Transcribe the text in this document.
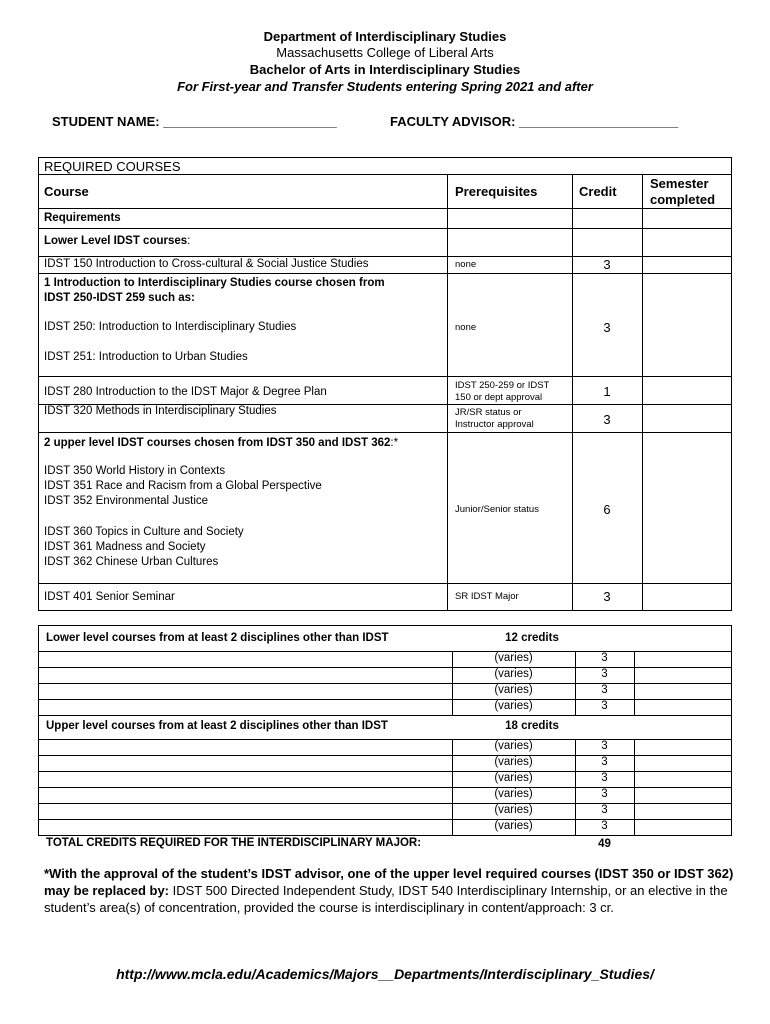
Department of Interdisciplinary Studies
Massachusetts College of Liberal Arts
Bachelor of Arts in Interdisciplinary Studies
For First-year and Transfer Students entering Spring 2021 and after
STUDENT NAME: ________________________	FACULTY ADVISOR: ______________________
REQUIRED COURSES
Course	Prerequisites	Credit
Semester
completed
Requirements
Lower Level IDST courses:
IDST 150 Introduction to Cross-cultural & Social Justice Studies	none	3
1 Introduction to Interdisciplinary Studies course chosen from
IDST 250-IDST 259 such as:
IDST 250: Introduction to Interdisciplinary Studies	none	3
IDST 251: Introduction to Urban Studies
IDST 280 Introduction to the IDST Major & Degree Plan
IDST 250-259 or IDST
150 or dept approval	1
IDST 320 Methods in Interdisciplinary Studies	JR/SR status or
Instructor approval	3
2 upper level IDST courses chosen from IDST 350 and IDST 362:*
IDST 350 World History in Contexts
IDST 351 Race and Racism from a Global Perspective
IDST 352 Environmental Justice
IDST 360 Topics in Culture and Society
IDST 361 Madness and Society
IDST 362 Chinese Urban Cultures
Junior/Senior status	6
IDST 401 Senior Seminar	SR IDST Major	3
Lower level courses from at least 2 disciplines other than IDST	12 credits
(varies)	3
(varies)	3
(varies)	3
(varies)	3
Upper level courses from at least 2 disciplines other than IDST	18 credits
(varies)	3
(varies)	3
(varies)	3
(varies)	3
(varies)	3
(varies)	3
TOTAL CREDITS REQUIRED FOR THE INTERDISCIPLINARY MAJOR:	49
*With the approval of the student’s IDST advisor, one of the upper level required courses (IDST 350 or IDST 362) may be replaced by: IDST 500 Directed Independent Study, IDST 540 Interdisciplinary Internship, or an elective in the student’s area(s) of concentration, provided the course is interdisciplinary in content/approach: 3 cr.
http://www.mcla.edu/Academics/Majors__Departments/Interdisciplinary_Studies/
